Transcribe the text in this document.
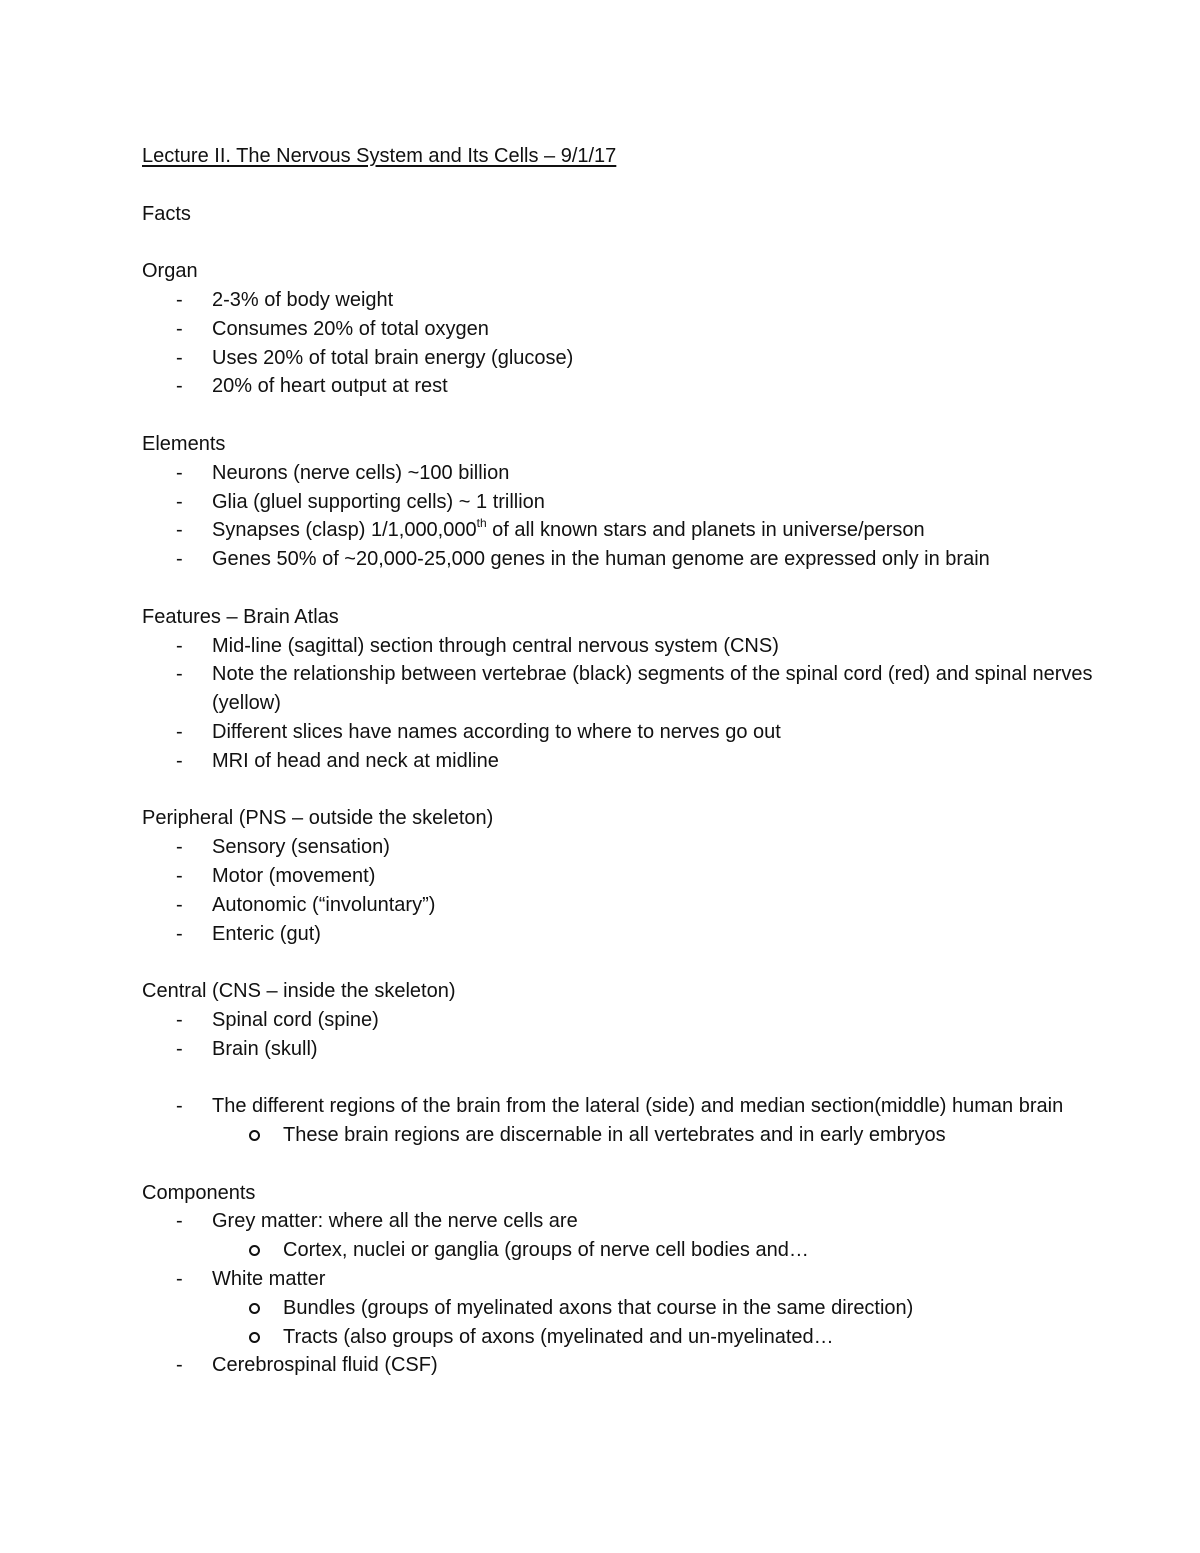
Lecture II. The Nervous System and Its Cells – 9/1/17

Facts

Organ

- 2-3% of body weight
- Consumes 20% of total oxygen
- Uses 20% of total brain energy (glucose)
- 20% of heart output at rest

Elements

- Neurons (nerve cells) ~100 billion
- Glia (gluel supporting cells) ~ 1 trillion
- Synapses (clasp) 1/1,000,000th of all known stars and planets in universe/person
- Genes 50% of ~20,000-25,000 genes in the human genome are expressed only in brain

Features – Brain Atlas

- Mid-line (sagittal) section through central nervous system (CNS)
- Note the relationship between vertebrae (black) segments of the spinal cord (red) and spinal nerves (yellow)
- Different slices have names according to where to nerves go out
- MRI of head and neck at midline

Peripheral (PNS – outside the skeleton)

- Sensory (sensation)
- Motor (movement)
- Autonomic (“involuntary”)
- Enteric (gut)

Central (CNS – inside the skeleton)

- Spinal cord (spine)
- Brain (skull)
- The different regions of the brain from the lateral (side) and median section(middle) human brain
These brain regions are discernable in all vertebrates and in early embryos

Components

- Grey matter: where all the nerve cells are
Cortex, nuclei or ganglia (groups of nerve cell bodies and…
- White matter
Bundles (groups of myelinated axons that course in the same direction)
Tracts (also groups of axons (myelinated and un-myelinated…
- Cerebrospinal fluid (CSF)
